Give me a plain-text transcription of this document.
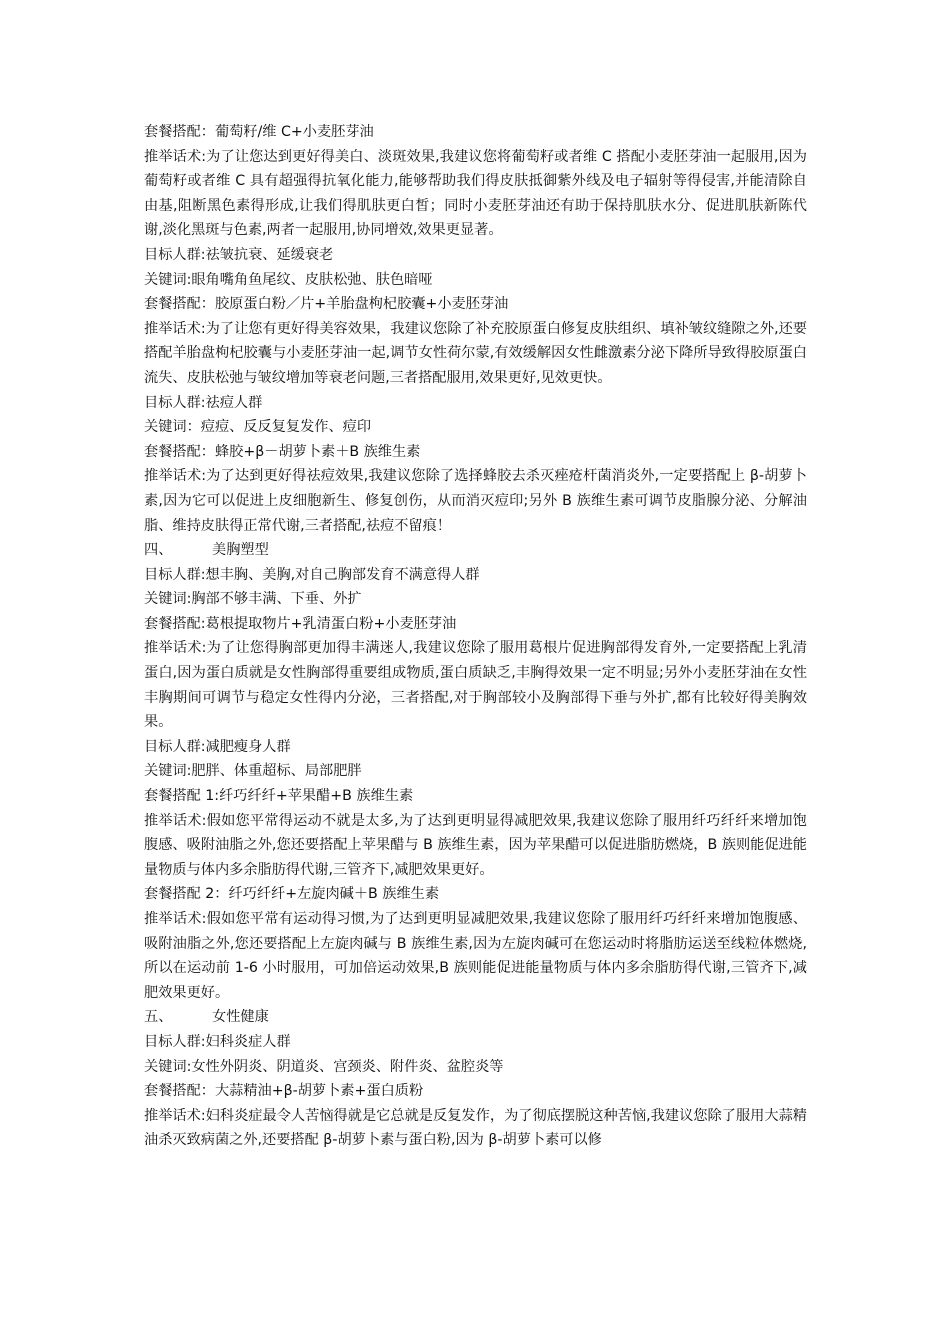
套餐搭配：葡萄籽/维 C+小麦胚芽油

推举话术:为了让您达到更好得美白、淡斑效果,我建议您将葡萄籽或者维 C 搭配小麦胚芽油一起服用,因为葡萄籽或者维 C 具有超强得抗氧化能力,能够帮助我们得皮肤抵御紫外线及电子辐射等得侵害,并能清除自由基,阻断黑色素得形成,让我们得肌肤更白皙；同时小麦胚芽油还有助于保持肌肤水分、促进肌肤新陈代谢,淡化黑斑与色素,两者一起服用,协同增效,效果更显著。

目标人群:祛皱抗衰、延缓衰老

关键词:眼角嘴角鱼尾纹、皮肤松弛、肤色暗哑

套餐搭配：胶原蛋白粉／片+羊胎盘枸杞胶囊+小麦胚芽油

推举话术:为了让您有更好得美容效果，我建议您除了补充胶原蛋白修复皮肤组织、填补皱纹缝隙之外,还要搭配羊胎盘枸杞胶囊与小麦胚芽油一起,调节女性荷尔蒙,有效缓解因女性雌激素分泌下降所导致得胶原蛋白流失、皮肤松弛与皱纹增加等衰老问题,三者搭配服用,效果更好,见效更快。

目标人群:祛痘人群

关键词：痘痘、反反复复发作、痘印

套餐搭配：蜂胶+β－胡萝卜素＋B 族维生素

推举话术:为了达到更好得祛痘效果,我建议您除了选择蜂胶去杀灭痤疮杆菌消炎外,一定要搭配上 β-胡萝卜素,因为它可以促进上皮细胞新生、修复创伤，从而消灭痘印;另外 B 族维生素可调节皮脂腺分泌、分解油脂、维持皮肤得正常代谢,三者搭配,祛痘不留痕！

四、	美胸塑型

目标人群:想丰胸、美胸,对自己胸部发育不满意得人群

关键词:胸部不够丰满、下垂、外扩

套餐搭配:葛根提取物片+乳清蛋白粉+小麦胚芽油

推举话术:为了让您得胸部更加得丰满迷人,我建议您除了服用葛根片促进胸部得发育外,一定要搭配上乳清蛋白,因为蛋白质就是女性胸部得重要组成物质,蛋白质缺乏,丰胸得效果一定不明显;另外小麦胚芽油在女性丰胸期间可调节与稳定女性得内分泌，三者搭配,对于胸部较小及胸部得下垂与外扩,都有比较好得美胸效果。

目标人群:减肥瘦身人群

关键词:肥胖、体重超标、局部肥胖

套餐搭配 1:纤巧纤纤+苹果醋+B 族维生素

推举话术:假如您平常得运动不就是太多,为了达到更明显得减肥效果,我建议您除了服用纤巧纤纤来增加饱腹感、吸附油脂之外,您还要搭配上苹果醋与 B 族维生素，因为苹果醋可以促进脂肪燃烧，B 族则能促进能量物质与体内多余脂肪得代谢,三管齐下,减肥效果更好。

套餐搭配 2：纤巧纤纤+左旋肉碱＋B 族维生素

推举话术:假如您平常有运动得习惯,为了达到更明显减肥效果,我建议您除了服用纤巧纤纤来增加饱腹感、吸附油脂之外,您还要搭配上左旋肉碱与 B 族维生素,因为左旋肉碱可在您运动时将脂肪运送至线粒体燃烧,所以在运动前 1-6 小时服用，可加倍运动效果,B 族则能促进能量物质与体内多余脂肪得代谢,三管齐下,减肥效果更好。

五、	女性健康

目标人群:妇科炎症人群

关键词:女性外阴炎、阴道炎、宫颈炎、附件炎、盆腔炎等

套餐搭配：大蒜精油+β-胡萝卜素+蛋白质粉

推举话术:妇科炎症最令人苦恼得就是它总就是反复发作，为了彻底摆脱这种苦恼,我建议您除了服用大蒜精油杀灭致病菌之外,还要搭配 β-胡萝卜素与蛋白粉,因为 β-胡萝卜素可以修
